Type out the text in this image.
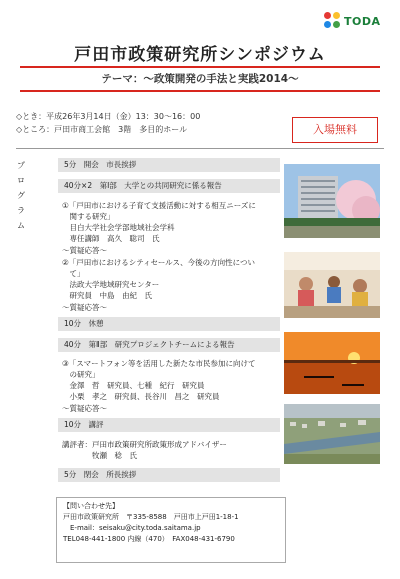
TODA
戸田市政策研究所シンポジウム
テーマ：～政策開発の手法と実践2014～
◇とき：平成26年3月14日（金）13：30～16：00
◇ところ：戸田市商工会館　3階　多目的ホール	入場無料
プ
ロ
グ
ラ
ム
5分　開会　市長挨拶
40分×2　第Ⅰ部　大学との共同研究に係る報告
①「戸田市における子育て支援活動に対する相互ニーズに
　関する研究」
　目白大学社会学部地域社会学科
　専任講師　高久　聡司　氏
～質疑応答～
②「戸田市におけるシティセールス、今後の方向性につい
　て」
　法政大学地域研究センター
　研究員　中島　由紀　氏
～質疑応答～
10分　休憩
40分　第Ⅱ部　研究プロジェクトチームによる報告
③「スマートフォン等を活用した新たな市民参加に向けて
　の研究」
　金澤　哲　研究員、七種　紀行　研究員
　小栗　孝之　研究員、長谷川　昌之　研究員
～質疑応答～
10分　講評
講評者：戸田市政策研究所政策形成アドバイザー
　　　　牧瀬　稔　氏
5分　閉会　所長挨拶
【問い合わせ先】
戸田市政策研究所　〒335-8588　戸田市上戸田1-18-1
　E-mail：seisaku@city.toda.saitama.jp
TEL048-441-1800 内線（470）　FAX048-431-6790
